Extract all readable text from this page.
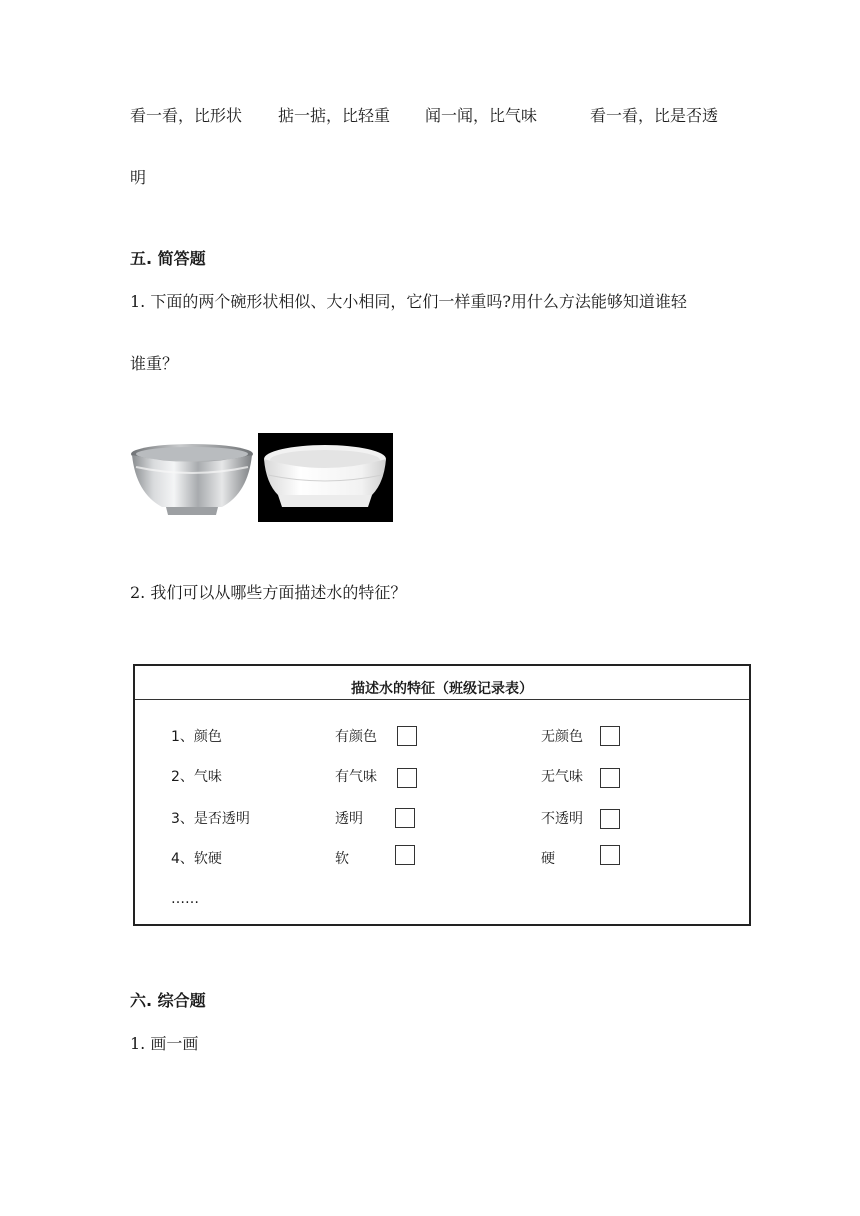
看一看，比形状 掂一掂，比轻重 闻一闻，比气味	看一看，比是否透
明
五. 简答题
1. 下面的两个碗形状相似、大小相同，它们一样重吗?用什么方法能够知道谁轻
谁重？
2. 我们可以从哪些方面描述水的特征？
描述水的特征（班级记录表）
1、颜色	有颜色	无颜色
2、气味	有气味	无气味
3、是否透明	透明	不透明
4、软硬	软	硬
……
六. 综合题
1. 画一画
